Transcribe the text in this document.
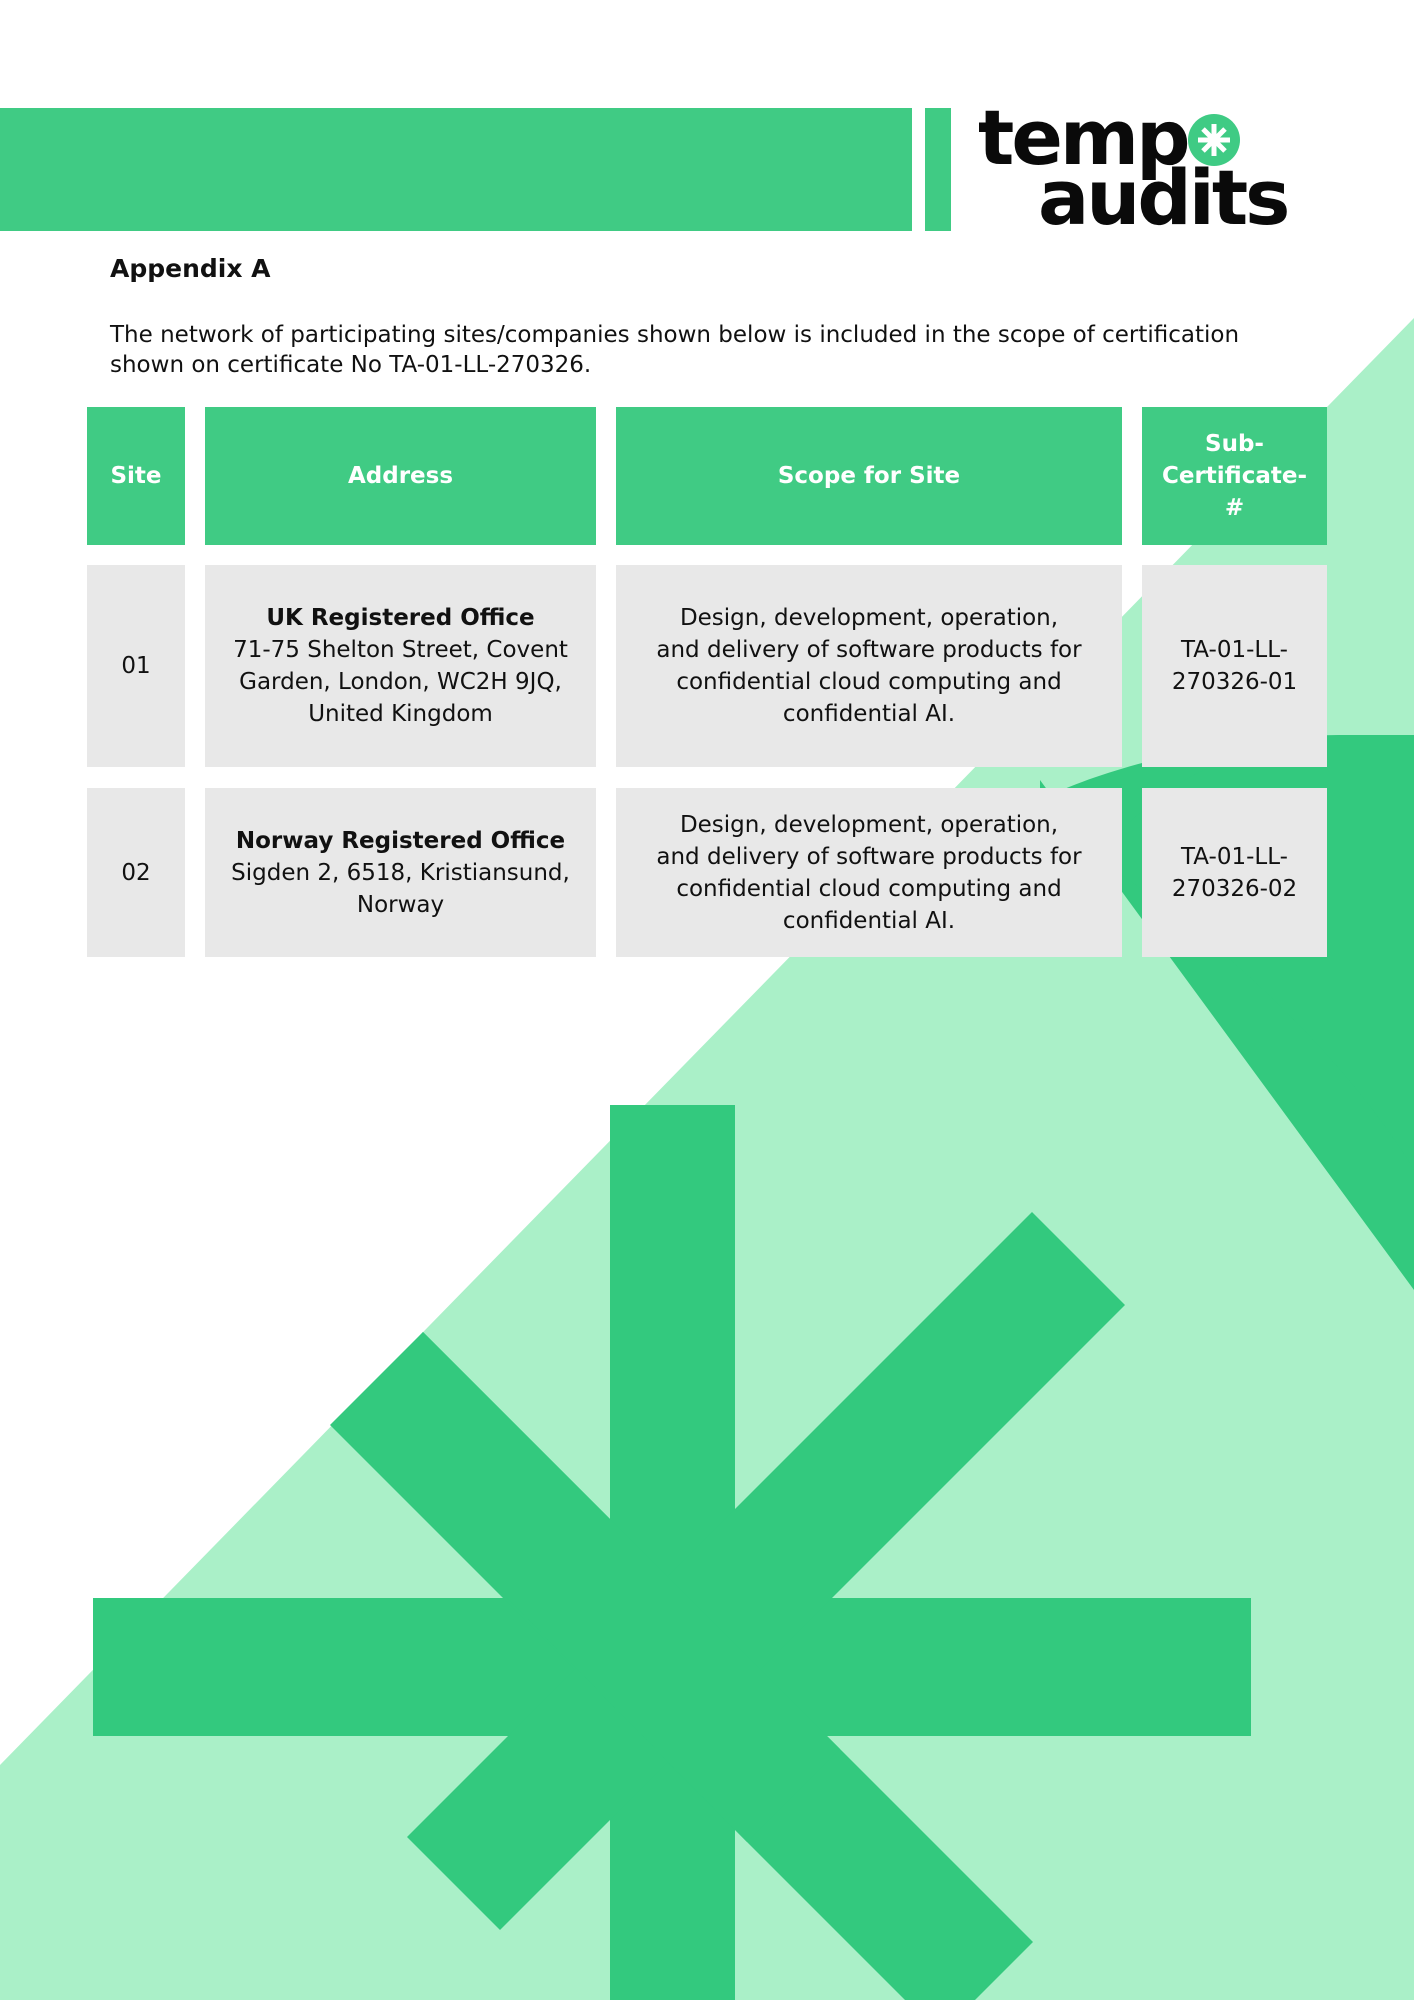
temp
audits
Appendix A
The network of participating sites/companies shown below is included in the scope of certification shown on certificate No TA-01-LL-270326.
Site	Address	Scope for Site
Sub-Certificate-#
01
UK Registered Office
71-75 Shelton Street, Covent Garden, London, WC2H 9JQ, United Kingdom
Design, development, operation, and delivery of software products for confidential cloud computing and confidential AI.
TA-01-LL-270326-01
02
Norway Registered Office
Sigden 2, 6518, Kristiansund, Norway
Design, development, operation, and delivery of software products for confidential cloud computing and confidential AI.
TA-01-LL-270326-02
